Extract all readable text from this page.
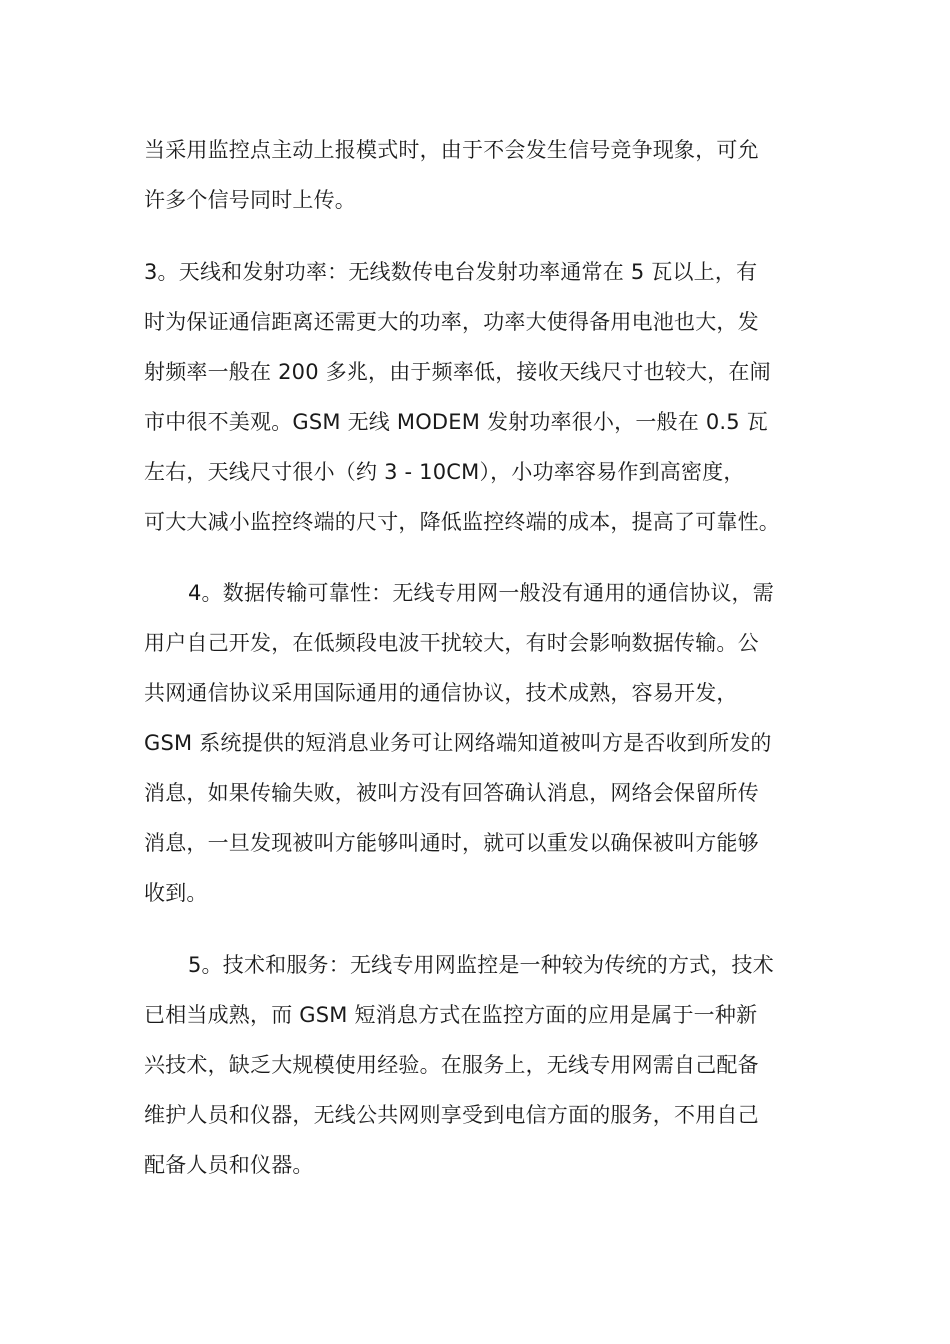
当采用监控点主动上报模式时，由于不会发生信号竞争现象，可允
许多个信号同时上传。
3。天线和发射功率：无线数传电台发射功率通常在 5 瓦以上，有
时为保证通信距离还需更大的功率，功率大使得备用电池也大，发
射频率一般在 200 多兆，由于频率低，接收天线尺寸也较大，在闹
市中很不美观。GSM 无线 MODEM 发射功率很小，一般在 0.5 瓦
左右，天线尺寸很小（约 3 - 10CM），小功率容易作到高密度，
可大大减小监控终端的尺寸，降低监控终端的成本，提高了可靠性。
4。数据传输可靠性：无线专用网一般没有通用的通信协议，需
用户自己开发，在低频段电波干扰较大，有时会影响数据传输。公
共网通信协议采用国际通用的通信协议，技术成熟，容易开发，
GSM 系统提供的短消息业务可让网络端知道被叫方是否收到所发的
消息，如果传输失败，被叫方没有回答确认消息，网络会保留所传
消息，一旦发现被叫方能够叫通时，就可以重发以确保被叫方能够
收到。
5。技术和服务：无线专用网监控是一种较为传统的方式，技术
已相当成熟，而 GSM 短消息方式在监控方面的应用是属于一种新
兴技术，缺乏大规模使用经验。在服务上，无线专用网需自己配备
维护人员和仪器，无线公共网则享受到电信方面的服务，不用自己
配备人员和仪器。
